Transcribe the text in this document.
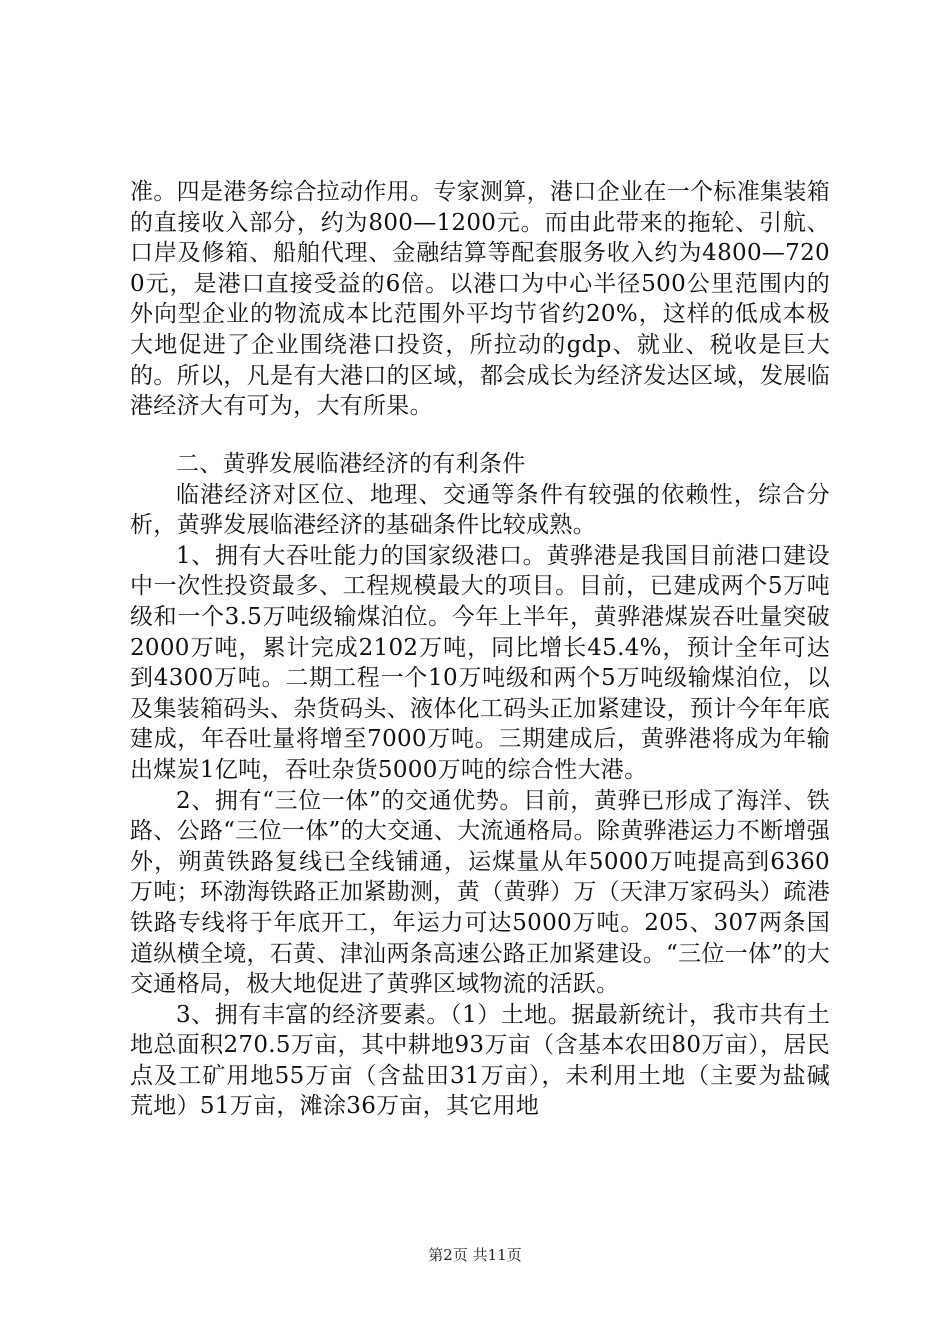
准。四是港务综合拉动作用。专家测算，港口企业在一个标准集装箱的直接收入部分，约为800—1200元。而由此带来的拖轮、引航、口岸及修箱、船舶代理、金融结算等配套服务收入约为4800—7200元，是港口直接受益的6倍。以港口为中心半径500公里范围内的外向型企业的物流成本比范围外平均节省约20%，这样的低成本极大地促进了企业围绕港口投资，所拉动的gdp、就业、税收是巨大的。所以，凡是有大港口的区域，都会成长为经济发达区域，发展临港经济大有可为，大有所果。

二、黄骅发展临港经济的有利条件

临港经济对区位、地理、交通等条件有较强的依赖性，综合分析，黄骅发展临港经济的基础条件比较成熟。

1、拥有大吞吐能力的国家级港口。黄骅港是我国目前港口建设中一次性投资最多、工程规模最大的项目。目前，已建成两个5万吨级和一个3.5万吨级输煤泊位。今年上半年，黄骅港煤炭吞吐量突破2000万吨，累计完成2102万吨，同比增长45.4%，预计全年可达到4300万吨。二期工程一个10万吨级和两个5万吨级输煤泊位，以及集装箱码头、杂货码头、液体化工码头正加紧建设，预计今年年底建成，年吞吐量将增至7000万吨。三期建成后，黄骅港将成为年输出煤炭1亿吨，吞吐杂货5000万吨的综合性大港。

2、拥有“三位一体”的交通优势。目前，黄骅已形成了海洋、铁路、公路“三位一体”的大交通、大流通格局。除黄骅港运力不断增强外，朔黄铁路复线已全线铺通，运煤量从年5000万吨提高到6360万吨；环渤海铁路正加紧勘测，黄（黄骅）万（天津万家码头）疏港铁路专线将于年底开工，年运力可达5000万吨。205、307两条国道纵横全境，石黄、津汕两条高速公路正加紧建设。“三位一体”的大交通格局，极大地促进了黄骅区域物流的活跃。

3、拥有丰富的经济要素。（1）土地。据最新统计，我市共有土地总面积270.5万亩，其中耕地93万亩（含基本农田80万亩），居民点及工矿用地55万亩（含盐田31万亩），未利用土地（主要为盐碱荒地）51万亩，滩涂36万亩，其它用地

第2页 共11页
